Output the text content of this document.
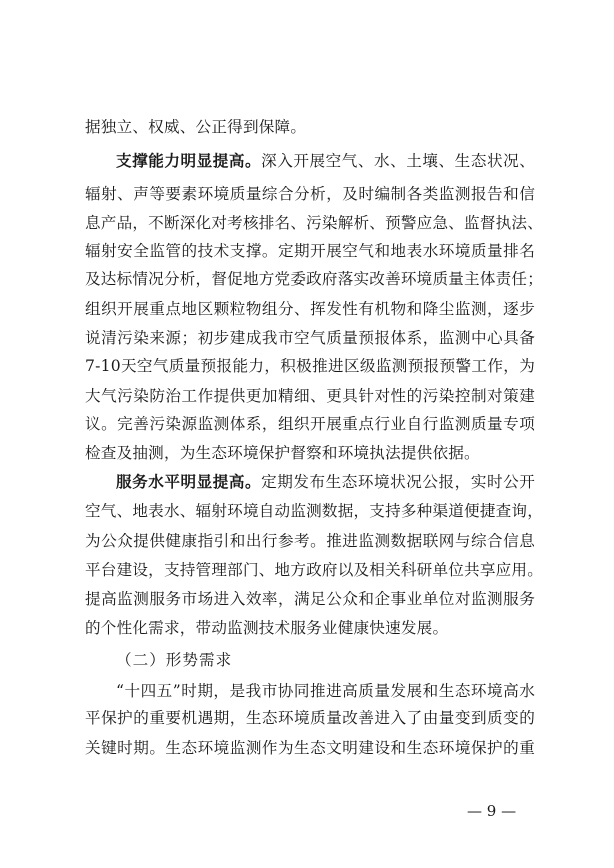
据独立、权威、公正得到保障。
支撑能力明显提高。深入开展空气、水、土壤、生态状况、
辐射、声等要素环境质量综合分析，及时编制各类监测报告和信
息产品，不断深化对考核排名、污染解析、预警应急、监督执法、
辐射安全监管的技术支撑。定期开展空气和地表水环境质量排名
及达标情况分析，督促地方党委政府落实改善环境质量主体责任；
组织开展重点地区颗粒物组分、挥发性有机物和降尘监测，逐步
说清污染来源；初步建成我市空气质量预报体系，监测中心具备
7-10天空气质量预报能力，积极推进区级监测预报预警工作，为
大气污染防治工作提供更加精细、更具针对性的污染控制对策建
议。完善污染源监测体系，组织开展重点行业自行监测质量专项
检查及抽测，为生态环境保护督察和环境执法提供依据。
服务水平明显提高。定期发布生态环境状况公报，实时公开
空气、地表水、辐射环境自动监测数据，支持多种渠道便捷查询，
为公众提供健康指引和出行参考。推进监测数据联网与综合信息
平台建设，支持管理部门、地方政府以及相关科研单位共享应用。
提高监测服务市场进入效率，满足公众和企事业单位对监测服务
的个性化需求，带动监测技术服务业健康快速发展。
（二）形势需求
“十四五”时期，是我市协同推进高质量发展和生态环境高水
平保护的重要机遇期，生态环境质量改善进入了由量变到质变的
关键时期。生态环境监测作为生态文明建设和生态环境保护的重
— 9 —
